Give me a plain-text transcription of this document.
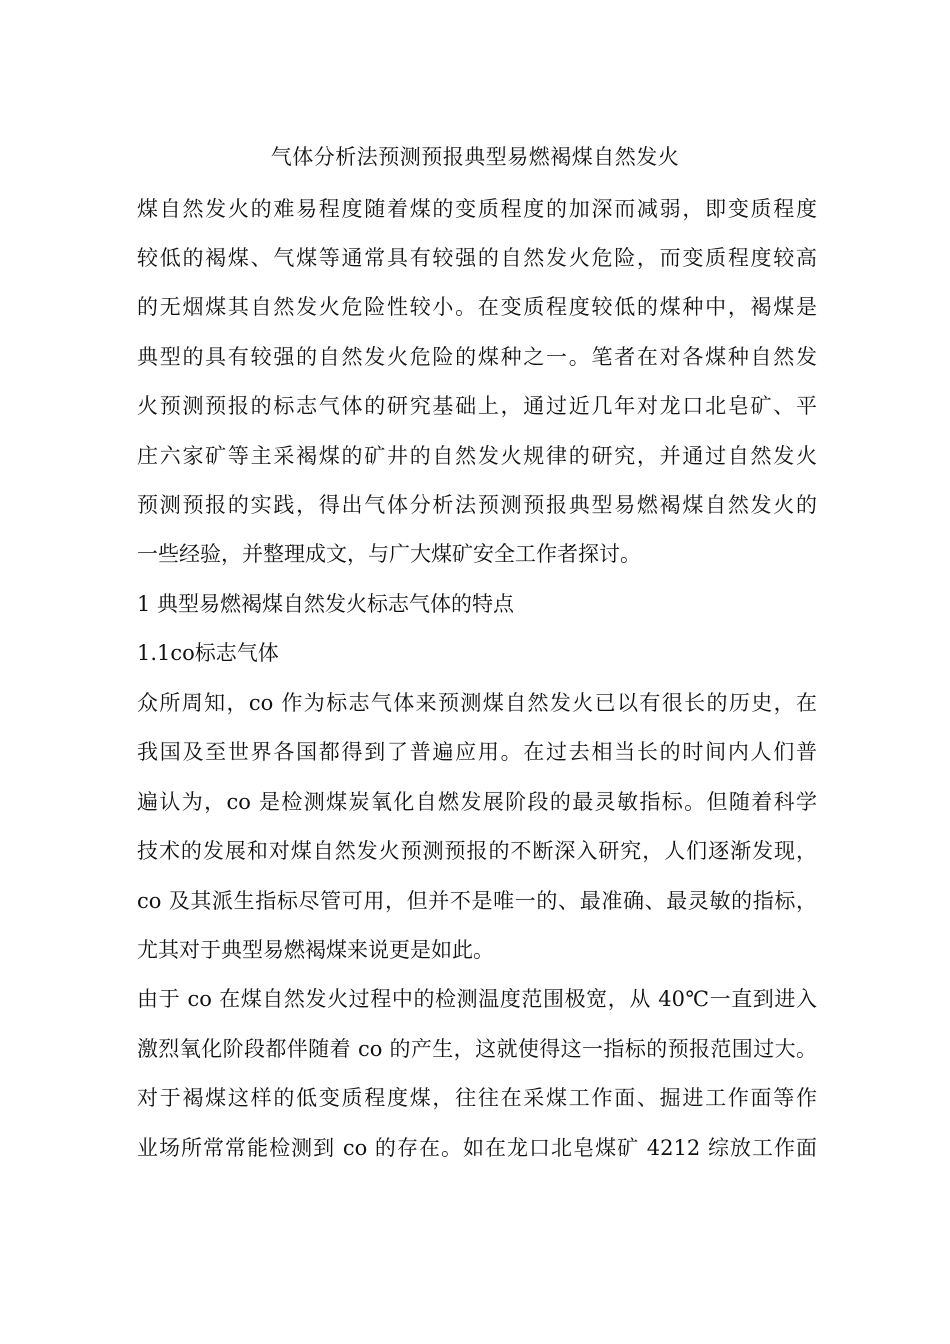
气体分析法预测预报典型易燃褐煤自然发火
煤自然发火的难易程度随着煤的变质程度的加深而减弱，即变质程度
较低的褐煤、气煤等通常具有较强的自然发火危险，而变质程度较高
的无烟煤其自然发火危险性较小。在变质程度较低的煤种中，褐煤是
典型的具有较强的自然发火危险的煤种之一。笔者在对各煤种自然发
火预测预报的标志气体的研究基础上，通过近几年对龙口北皂矿、平
庄六家矿等主采褐煤的矿井的自然发火规律的研究，并通过自然发火
预测预报的实践，得出气体分析法预测预报典型易燃褐煤自然发火的
一些经验，并整理成文，与广大煤矿安全工作者探讨。
1 典型易燃褐煤自然发火标志气体的特点
1.1co标志气体
众所周知，co 作为标志气体来预测煤自然发火已以有很长的历史，在
我国及至世界各国都得到了普遍应用。在过去相当长的时间内人们普
遍认为，co 是检测煤炭氧化自燃发展阶段的最灵敏指标。但随着科学
技术的发展和对煤自然发火预测预报的不断深入研究，人们逐渐发现，
co 及其派生指标尽管可用，但并不是唯一的、最准确、最灵敏的指标，
尤其对于典型易燃褐煤来说更是如此。
由于 co 在煤自然发火过程中的检测温度范围极宽，从 40℃一直到进入
激烈氧化阶段都伴随着 co 的产生，这就使得这一指标的预报范围过大。
对于褐煤这样的低变质程度煤，往往在采煤工作面、掘进工作面等作
业场所常常能检测到 co 的存在。如在龙口北皂煤矿 4212 综放工作面
